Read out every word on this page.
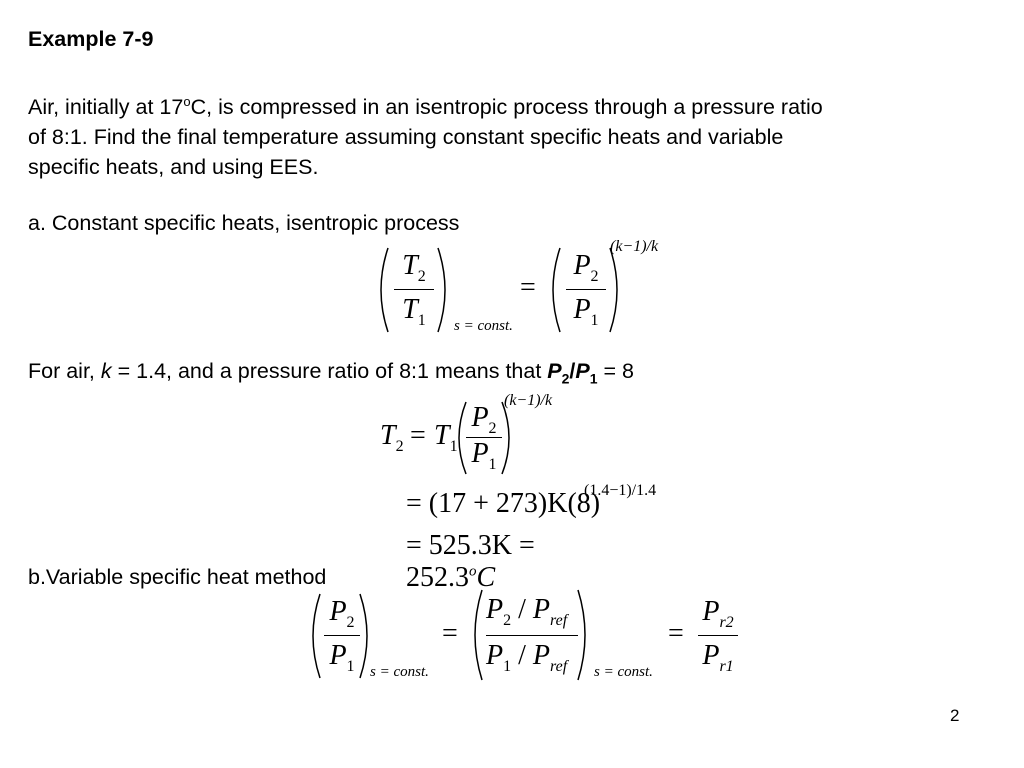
Example 7-9
Air, initially at 17$^o$C, is compressed in an isentropic process through a pressure ratio
of 8:1. Find the final temperature assuming constant specific heats and variable
specific heats, and using EES.
a. Constant specific heats, isentropic process
$T_2$
$T_1$	s = const.
=
$P_2$
$P_1$
(k−1)/k
For air, k = 1.4, and a pressure ratio of 8:1 means that $P_2/P_1 = 8$
$T_2 = T_1$
$P_2$
$P_1$
(k−1)/k
= (17 + 273)K(8)
(1.4−1)/1.4
= $525.3K = 252.3^oC$
b.Variable specific heat method
$P_2$
$P_1$	s = const.
=
$P_2 / P_{ref}$
$P_1 / P_{ref}$ s = const.
=
$P_{r2}$
$P_{r1}$
2
